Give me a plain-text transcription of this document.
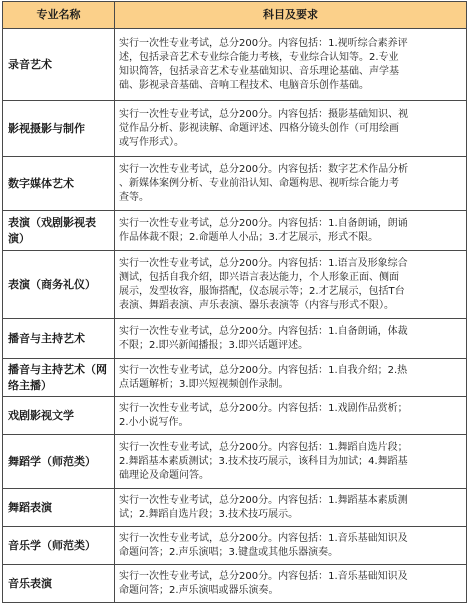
专业名称	科目及要求
录音艺术	实行一次性专业考试，总分200分。内容包括：1.视听综合素养评
述，包括录音艺术专业综合能力考核，专业综合认知等。2.专业
知识简答，包括录音艺术专业基础知识、音乐理论基础、声学基
础、影视录音基础、音响工程技术、电脑音乐创作基础。
影视摄影与制作	实行一次性专业考试，总分200分。内容包括：摄影基础知识、视
觉作品分析、影视读解、命题评述、四格分镜头创作（可用绘画
或写作形式）。
数字媒体艺术	实行一次性专业考试，总分200分。内容包括：数字艺术作品分析
、新媒体案例分析、专业前沿认知、命题构思、视听综合能力考
查等。
表演（戏剧影视表
演）	实行一次性专业考试，总分200分。内容包括：1.自备朗诵，朗诵
作品体裁不限；2.命题单人小品；3.才艺展示，形式不限。
表演（商务礼仪）	实行一次性专业考试，总分200分。内容包括：1.语言及形象综合
测试，包括自我介绍，即兴语言表达能力，个人形象正面、侧面
展示，发型妆容，服饰搭配，仪态展示等；2.才艺展示，包括T台
表演、舞蹈表演、声乐表演、器乐表演等（内容与形式不限）。
播音与主持艺术	实行一次性专业考试，总分200分。内容包括：1.自备朗诵，体裁
不限；2.即兴新闻播报；3.即兴话题评述。
播音与主持艺术（网
络主播）	实行一次性专业考试，总分200分。内容包括：1.自我介绍；2.热
点话题解析；3.即兴短视频创作录制。
戏剧影视文学	实行一次性专业考试，总分200分。内容包括：1.戏剧作品赏析；
2.小小说写作。
舞蹈学（师范类）	实行一次性专业考试，总分200分。内容包括：1.舞蹈自选片段；
2.舞蹈基本素质测试；3.技术技巧展示，该科目为加试；4.舞蹈基
础理论及命题问答。
舞蹈表演	实行一次性专业考试，总分200分。内容包括：1.舞蹈基本素质测
试；2.舞蹈自选片段；3.技术技巧展示。
音乐学（师范类）	实行一次性专业考试，总分200分。内容包括：1.音乐基础知识及
命题问答；2.声乐演唱；3.键盘或其他乐器演奏。
音乐表演	实行一次性专业考试，总分200分。内容包括：1.音乐基础知识及
命题问答；2.声乐演唱或器乐演奏。
